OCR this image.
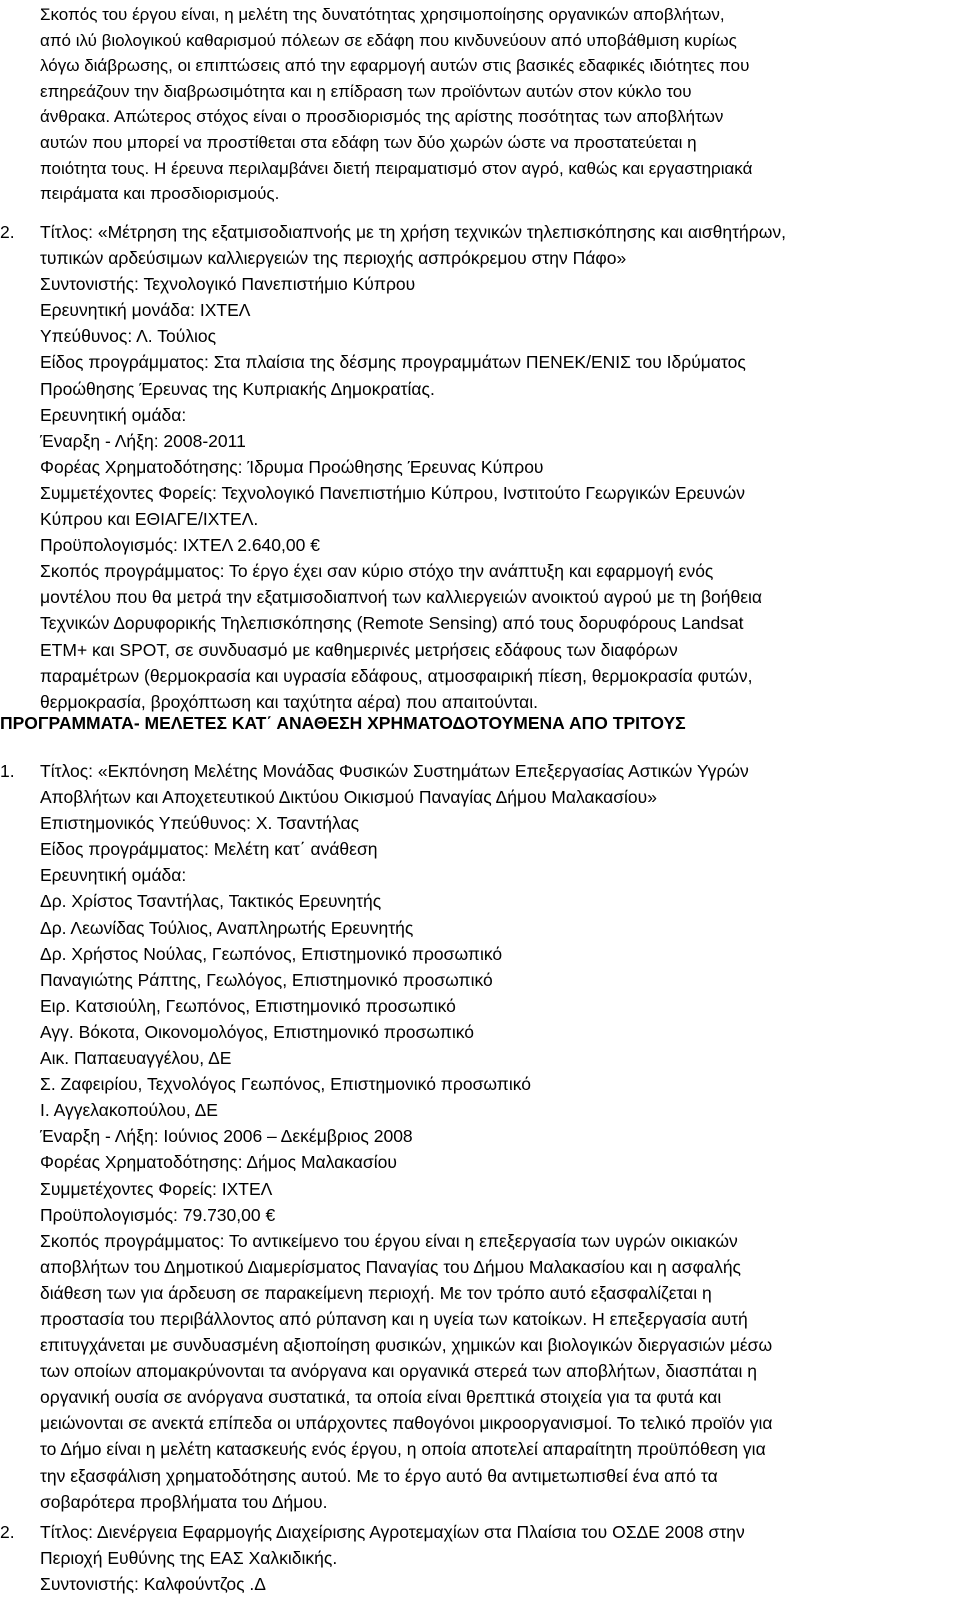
Σκοπός του έργου είναι, η μελέτη της δυνατότητας χρησιμοποίησης οργανικών αποβλήτων,

από ιλύ βιολογικού καθαρισμού πόλεων σε εδάφη που κινδυνεύουν από υποβάθμιση κυρίως

λόγω διάβρωσης, οι επιπτώσεις από την εφαρμογή αυτών στις βασικές εδαφικές ιδιότητες που

επηρεάζουν την διαβρωσιμότητα και η επίδραση των προϊόντων αυτών στον κύκλο του

άνθρακα. Απώτερος στόχος είναι ο προσδιορισμός της αρίστης ποσότητας των αποβλήτων

αυτών που μπορεί να προστίθεται στα εδάφη των δύο χωρών ώστε να προστατεύεται η

ποιότητα τους. Η έρευνα περιλαμβάνει διετή πειραματισμό στον αγρό, καθώς και εργαστηριακά

πειράματα και προσδιορισμούς.

2. Τίτλος: «Μέτρηση της εξατμισοδιαπνοής με τη χρήση τεχνικών τηλεπισκόπησης και αισθητήρων,

τυπικών αρδεύσιμων καλλιεργειών της περιοχής ασπρόκρεμου στην Πάφο»

Συντονιστής: Τεχνολογικό Πανεπιστήμιο Κύπρου

Ερευνητική μονάδα: ΙΧΤΕΛ

Υπεύθυνος: Λ. Τούλιος

Είδος προγράμματος: Στα πλαίσια της δέσμης προγραμμάτων ΠΕΝΕΚ/ΕΝΙΣ του Ιδρύματος

Προώθησης Έρευνας της Κυπριακής Δημοκρατίας.

Ερευνητική ομάδα:

Έναρξη - Λήξη: 2008-2011

Φορέας Χρηματοδότησης: Ίδρυμα Προώθησης Έρευνας Κύπρου

Συμμετέχοντες Φορείς: Τεχνολογικό Πανεπιστήμιο Κύπρου, Ινστιτούτο Γεωργικών Ερευνών

Κύπρου και ΕΘΙΑΓΕ/ΙΧΤΕΛ.

Προϋπολογισμός: ΙΧΤΕΛ 2.640,00 €

Σκοπός προγράμματος: Το έργο έχει σαν κύριο στόχο την ανάπτυξη και εφαρμογή ενός

μοντέλου που θα μετρά την εξατμισοδιαπνοή των καλλιεργειών ανοικτού αγρού με τη βοήθεια

Τεχνικών Δορυφορικής Τηλεπισκόπησης (Remote Sensing) από τους δορυφόρους Landsat

ETM+ και SPOT, σε συνδυασμό με καθημερινές μετρήσεις εδάφους των διαφόρων

παραμέτρων (θερμοκρασία και υγρασία εδάφους, ατμοσφαιρική πίεση, θερμοκρασία φυτών,

θερμοκρασία, βροχόπτωση και ταχύτητα αέρα) που απαιτούνται.

ΠΡΟΓΡΑΜΜΑΤΑ- ΜΕΛΕΤΕΣ ΚΑΤ΄ ΑΝΑΘΕΣΗ ΧΡΗΜΑΤΟΔΟΤΟΥΜΕΝΑ ΑΠΟ ΤΡΙΤΟΥΣ
1. Τίτλος: «Εκπόνηση Μελέτης Μονάδας Φυσικών Συστημάτων Επεξεργασίας Αστικών Υγρών

Αποβλήτων και Αποχετευτικού Δικτύου Οικισμού Παναγίας Δήμου Μαλακασίου»

Επιστημονικός Υπεύθυνος: Χ. Τσαντήλας

Είδος προγράμματος: Μελέτη κατ΄ ανάθεση

Ερευνητική ομάδα:

Δρ. Χρίστος Τσαντήλας, Τακτικός Ερευνητής

Δρ. Λεωνίδας Τούλιος, Αναπληρωτής Ερευνητής

Δρ. Χρήστος Νούλας, Γεωπόνος, Επιστημονικό προσωπικό

Παναγιώτης Ράπτης, Γεωλόγος, Επιστημονικό προσωπικό

Ειρ. Κατσιούλη, Γεωπόνος, Επιστημονικό προσωπικό

Αγγ. Βόκοτα, Οικονομολόγος, Επιστημονικό προσωπικό

Αικ. Παπαευαγγέλου, ΔΕ

Σ. Ζαφειρίου, Τεχνολόγος Γεωπόνος, Επιστημονικό προσωπικό

Ι. Αγγελακοπούλου, ΔΕ

Έναρξη - Λήξη: Ιούνιος 2006 – Δεκέμβριος 2008

Φορέας Χρηματοδότησης: Δήμος Μαλακασίου

Συμμετέχοντες Φορείς: ΙΧΤΕΛ

Προϋπολογισμός: 79.730,00 €

Σκοπός προγράμματος: Το αντικείμενο του έργου είναι η επεξεργασία των υγρών οικιακών

αποβλήτων του Δημοτικού Διαμερίσματος Παναγίας του Δήμου Μαλακασίου και η ασφαλής

διάθεση των για άρδευση σε παρακείμενη περιοχή. Με τον τρόπο αυτό εξασφαλίζεται η

προστασία του περιβάλλοντος από ρύπανση και η υγεία των κατοίκων. Η επεξεργασία αυτή

επιτυγχάνεται με συνδυασμένη αξιοποίηση φυσικών, χημικών και βιολογικών διεργασιών μέσω

των οποίων απομακρύνονται τα ανόργανα και οργανικά στερεά των αποβλήτων, διασπάται η

οργανική ουσία σε ανόργανα συστατικά, τα οποία είναι θρεπτικά στοιχεία για τα φυτά και

μειώνονται σε ανεκτά επίπεδα οι υπάρχοντες παθογόνοι μικροοργανισμοί. Το τελικό προϊόν για

το Δήμο είναι η μελέτη κατασκευής ενός έργου, η οποία αποτελεί απαραίτητη προϋπόθεση για

την εξασφάλιση χρηματοδότησης αυτού. Με το έργο αυτό θα αντιμετωπισθεί ένα από τα

σοβαρότερα προβλήματα του Δήμου.

2. Τίτλος: Διενέργεια Εφαρμογής Διαχείρισης Αγροτεμαχίων στα Πλαίσια του ΟΣΔΕ 2008 στην

Περιοχή Ευθύνης της ΕΑΣ Χαλκιδικής.

Συντονιστής: Καλφούντζος .Δ
